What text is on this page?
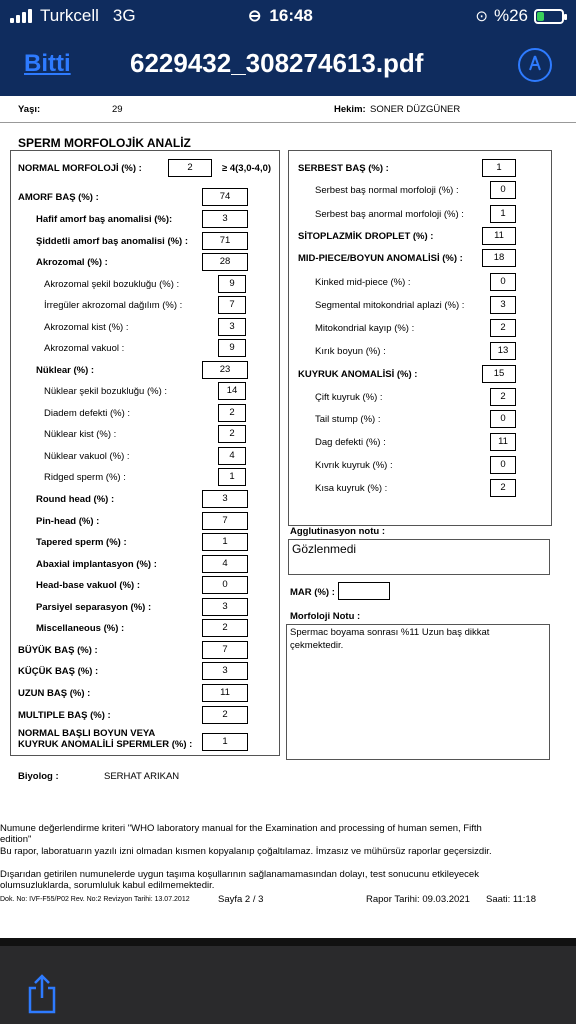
Turkcell 3G	⊖ 16:48	⊙ %26
Bitti 6229432_308274613.pdf
Yaşı:	29	Hekim: SONER DÜZGÜNER
SPERM MORFOLOJİK ANALİZ
NORMAL MORFOLOJİ (%) :	2	≥ 4(3,0-4,0)
AMORF BAŞ (%) :	74
Hafif amorf baş anomalisi (%):	3
Şiddetli amorf baş anomalisi (%) :	71
Akrozomal (%) :	28
Akrozomal şekil bozukluğu (%) :	9
İrregüler akrozomal dağılım (%) :	7
Akrozomal kist (%) :	3
Akrozomal vakuol :	9
Nüklear (%) :	23
Nüklear şekil bozukluğu (%) :	14
Diadem defekti (%) :	2
Nüklear kist (%) :	2
Nüklear vakuol (%) :	4
Ridged sperm (%) :	1
Round head (%) :	3
Pin-head (%) :	7
Tapered sperm (%) :	1
Abaxial implantasyon (%) :	4
Head-base vakuol (%) :	0
Parsiyel separasyon (%) :	3
Miscellaneous (%) :	2
BÜYÜK BAŞ (%) :	7
KÜÇÜK BAŞ (%) :	3
UZUN BAŞ (%) :	11
MULTIPLE BAŞ (%) :	2
NORMAL BAŞLI BOYUN VEYA
KUYRUK ANOMALİLİ SPERMLER (%) :	1
SERBEST BAŞ (%) :	1
Serbest baş normal morfoloji (%) :	0
Serbest baş anormal morfoloji (%) :	1
SİTOPLAZMİK DROPLET (%) :	11
MID-PIECE/BOYUN ANOMALİSİ (%) :	18
Kinked mid-piece (%) :	0
Segmental mitokondrial aplazi (%) :	3
Mitokondrial kayıp (%) :	2
Kırık boyun (%) :	13
KUYRUK ANOMALİSİ (%) :	15
Çift kuyruk (%) :	2
Tail stump (%) :	0
Dag defekti (%) :	11
Kıvrık kuyruk (%) :	0
Kısa kuyruk (%) :	2
Agglutinasyon notu :
Gözlenmedi
MAR (%) :
Morfoloji Notu :
Spermac boyama sonrası %11 Uzun baş dikkat
çekmektedir.
Biyolog :	SERHAT ARIKAN
Numune değerlendirme kriteri "WHO laboratory manual for the Examination and processing of human semen, Fifth
edition"
Bu rapor, laboratuarın yazılı izni olmadan kısmen kopyalanıp çoğaltılamaz. İmzasız ve mühürsüz raporlar geçersizdir.
Dışarıdan getirilen numunelerde uygun taşıma koşullarının sağlanamamasından dolayı, test sonucunu etkileyecek
olumsuzluklarda, sorumluluk kabul edilmemektedir.
Dok. No: IVF-F55/P02 Rev. No:2 Revizyon Tarihi: 13.07.2012	Sayfa 2 / 3	Rapor Tarihi: 09.03.2021 Saati: 11:18
